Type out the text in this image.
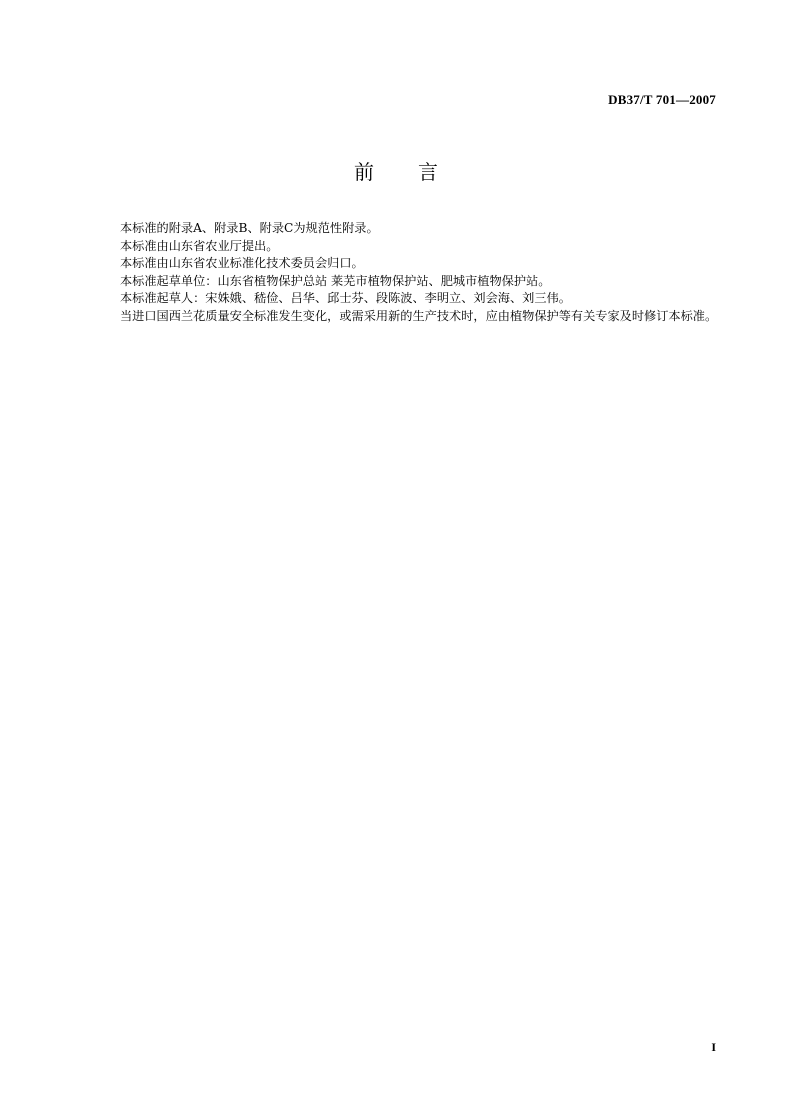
DB37/T 701—2007
前言

本标准的附录A、附录B、附录C为规范性附录。

本标准由山东省农业厅提出。

本标准由山东省农业标准化技术委员会归口。

本标准起草单位：山东省植物保护总站 莱芜市植物保护站、肥城市植物保护站。

本标准起草人：宋姝娥、嵇俭、吕华、邱士芬、段陈波、李明立、刘会海、刘三伟。

当进口国西兰花质量安全标准发生变化，或需采用新的生产技术时，应由植物保护等有关专家及时修订本标准。

I
